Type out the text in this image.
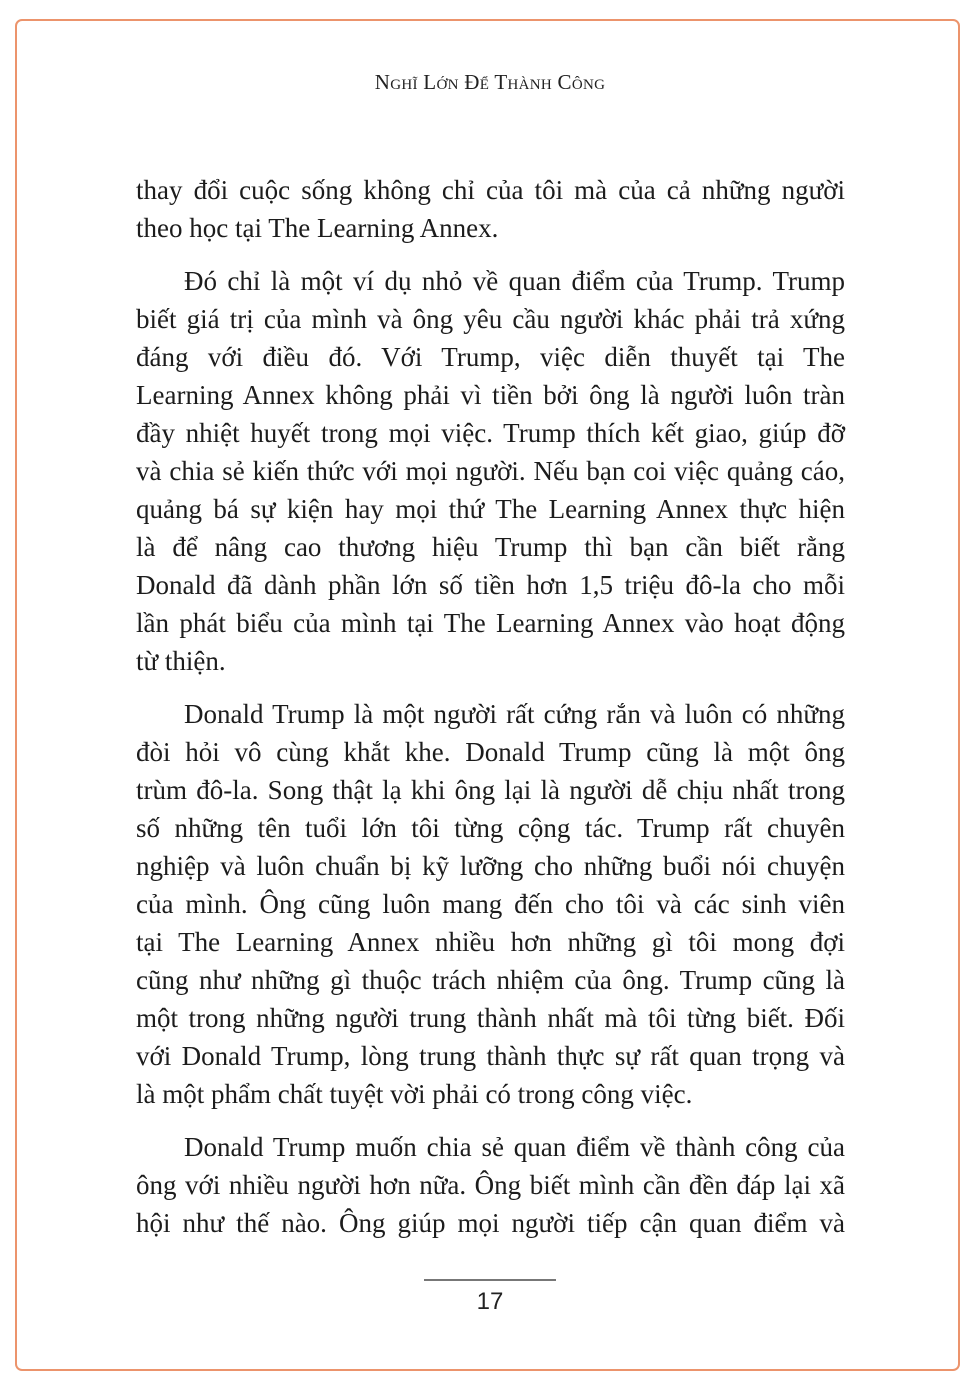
Nghĩ Lớn Để Thành Công
thay đổi cuộc sống không chỉ của tôi mà của cả những người
theo học tại The Learning Annex.
Đó chỉ là một ví dụ nhỏ về quan điểm của Trump. Trump
biết giá trị của mình và ông yêu cầu người khác phải trả xứng
đáng với điều đó. Với Trump, việc diễn thuyết tại The
Learning Annex không phải vì tiền bởi ông là người luôn tràn
đầy nhiệt huyết trong mọi việc. Trump thích kết giao, giúp đỡ
và chia sẻ kiến thức với mọi người. Nếu bạn coi việc quảng cáo,
quảng bá sự kiện hay mọi thứ The Learning Annex thực hiện
là để nâng cao thương hiệu Trump thì bạn cần biết rằng
Donald đã dành phần lớn số tiền hơn 1,5 triệu đô-la cho mỗi
lần phát biểu của mình tại The Learning Annex vào hoạt động
từ thiện.
Donald Trump là một người rất cứng rắn và luôn có những
đòi hỏi vô cùng khắt khe. Donald Trump cũng là một ông
trùm đô-la. Song thật lạ khi ông lại là người dễ chịu nhất trong
số những tên tuổi lớn tôi từng cộng tác. Trump rất chuyên
nghiệp và luôn chuẩn bị kỹ lưỡng cho những buổi nói chuyện
của mình. Ông cũng luôn mang đến cho tôi và các sinh viên
tại The Learning Annex nhiều hơn những gì tôi mong đợi
cũng như những gì thuộc trách nhiệm của ông. Trump cũng là
một trong những người trung thành nhất mà tôi từng biết. Đối
với Donald Trump, lòng trung thành thực sự rất quan trọng và
là một phẩm chất tuyệt vời phải có trong công việc.
Donald Trump muốn chia sẻ quan điểm về thành công của
ông với nhiều người hơn nữa. Ông biết mình cần đền đáp lại xã
hội như thế nào. Ông giúp mọi người tiếp cận quan điểm và
17
